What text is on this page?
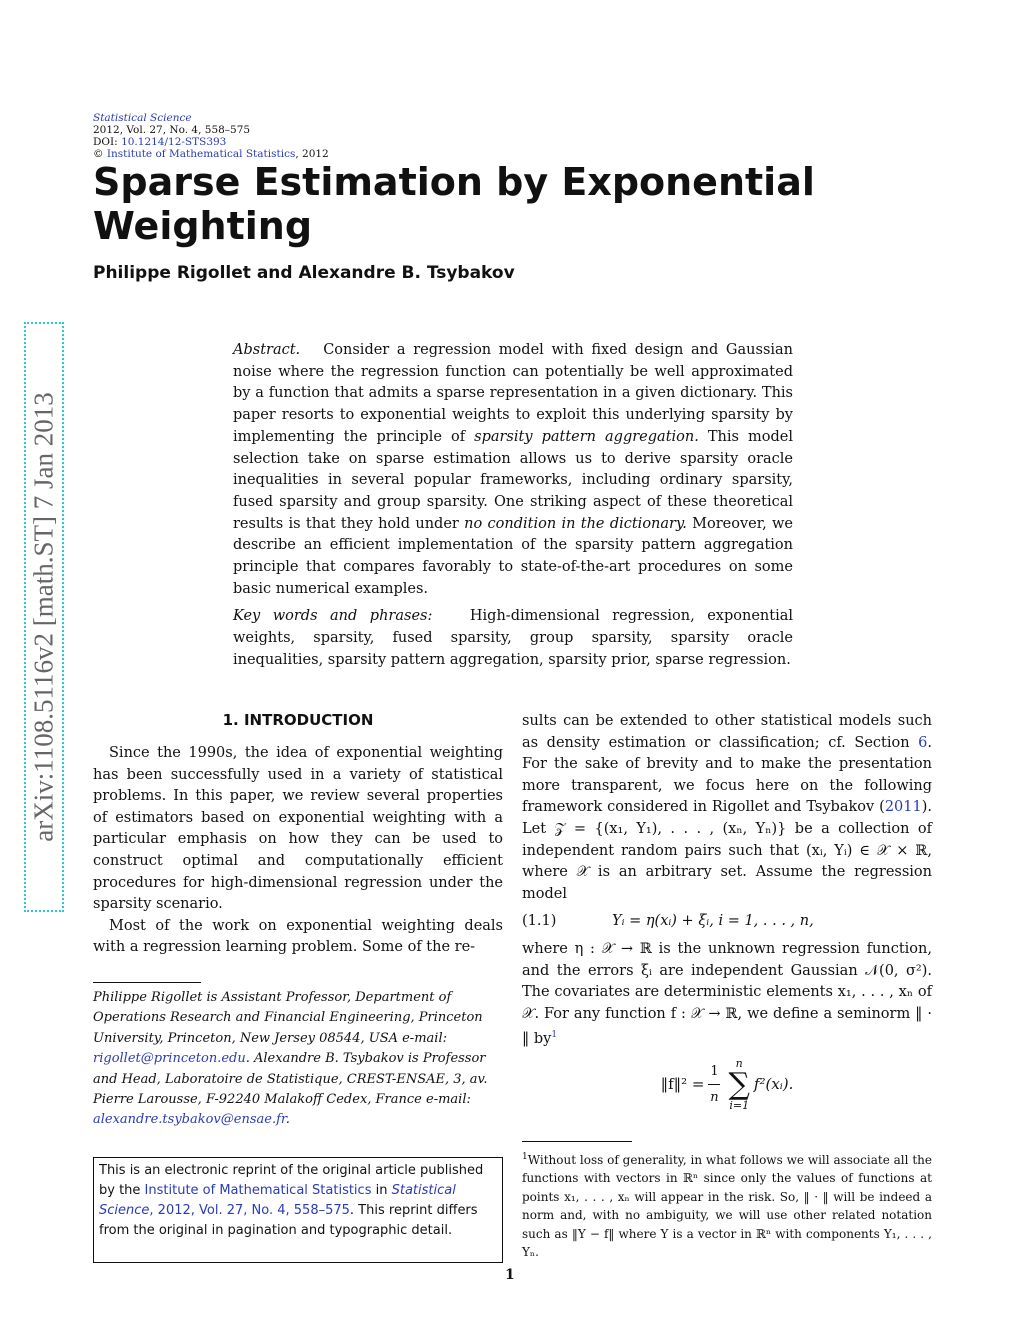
Statistical Science
2012, Vol. 27, No. 4, 558–575
DOI: 10.1214/12-STS393
© Institute of Mathematical Statistics, 2012
Sparse Estimation by Exponential Weighting
Philippe Rigollet and Alexandre B. Tsybakov
arXiv:1108.5116v2 [math.ST] 7 Jan 2013

Abstract. Consider a regression model with fixed design and Gaussian noise where the regression function can potentially be well approximated by a function that admits a sparse representation in a given dictionary. This paper resorts to exponential weights to exploit this underlying sparsity by implementing the principle of sparsity pattern aggregation. This model selection take on sparse estimation allows us to derive sparsity oracle inequalities in several popular frameworks, including ordinary sparsity, fused sparsity and group sparsity. One striking aspect of these theoretical results is that they hold under no condition in the dictionary. Moreover, we describe an efficient implementation of the sparsity pattern aggregation principle that compares favorably to state-of-the-art procedures on some basic numerical examples.

Key words and phrases:	High-dimensional regression, exponential weights, sparsity, fused sparsity, group sparsity, sparsity oracle inequalities, sparsity pattern aggregation, sparsity prior, sparse regression.

1. INTRODUCTION

Since the 1990s, the idea of exponential weighting has been successfully used in a variety of statistical problems. In this paper, we review several properties of estimators based on exponential weighting with a particular emphasis on how they can be used to construct optimal and computationally efficient procedures for high-dimensional regression under the sparsity scenario.

Most of the work on exponential weighting deals with a regression learning problem. Some of the re-

Philippe Rigollet is Assistant Professor, Department of Operations Research and Financial Engineering, Princeton University, Princeton, New Jersey 08544, USA e-mail: rigollet@princeton.edu. Alexandre B. Tsybakov is Professor and Head, Laboratoire de Statistique, CREST-ENSAE, 3, av. Pierre Larousse, F-92240 Malakoff Cedex, France e-mail: alexandre.tsybakov@ensae.fr.
This is an electronic reprint of the original article published by the Institute of Mathematical Statistics in Statistical Science, 2012, Vol. 27, No. 4, 558–575. This reprint differs from the original in pagination and typographic detail.

sults can be extended to other statistical models such as density estimation or classification; cf. Section 6. For the sake of brevity and to make the presentation more transparent, we focus here on the following framework considered in Rigollet and Tsybakov (2011). Let 𝒵 = {(x₁, Y₁), . . . , (xₙ, Yₙ)} be a collection of independent random pairs such that (xᵢ, Yᵢ) ∈ 𝒳 × ℝ, where 𝒳 is an arbitrary set. Assume the regression model

(1.1)	Yᵢ = η(xᵢ) + ξᵢ, i = 1, . . . , n,

where η : 𝒳 → ℝ is the unknown regression function, and the errors ξᵢ are independent Gaussian 𝒩(0, σ²). The covariates are deterministic elements x₁, . . . , xₙ of 𝒳. For any function f : 𝒳 → ℝ, we define a seminorm ‖ · ‖ $by^1$

‖f‖² = $\frac{1}{n}$ n
∑
i=1
f²(xᵢ).
$^1$Without loss of generality, in what follows we will associate all the functions with vectors in ℝⁿ since only the values of functions at points x₁, . . . , xₙ will appear in the risk. So, ‖ · ‖ will be indeed a norm and, with no ambiguity, we will use other related notation such as ‖Y − f‖ where Y is a vector in ℝⁿ with components Y₁, . . . , Yₙ.
1
